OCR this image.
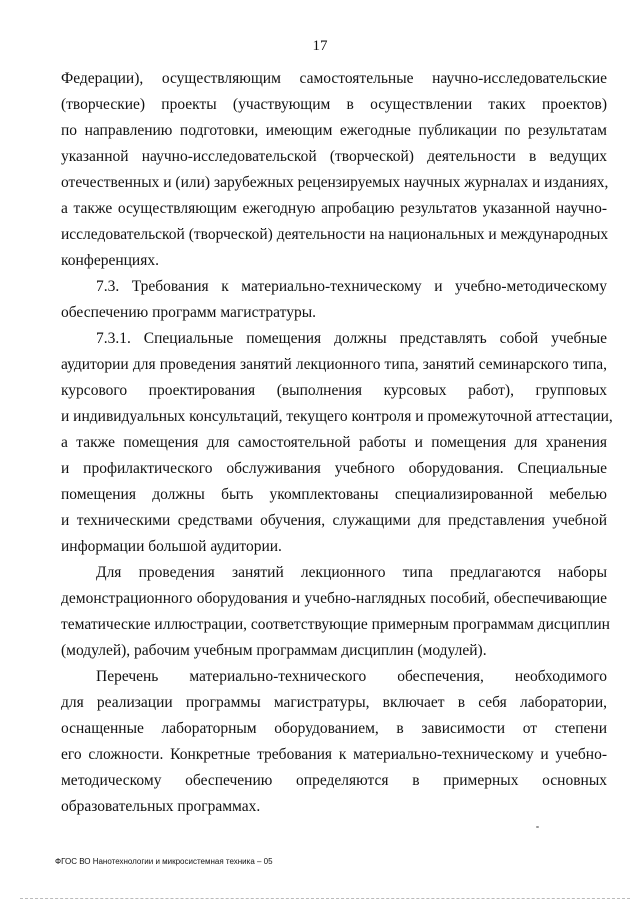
17
Федерации), осуществляющим самостоятельные научно-исследовательские
(творческие) проекты (участвующим в осуществлении таких проектов)
по направлению подготовки, имеющим ежегодные публикации по результатам
указанной научно-исследовательской (творческой) деятельности в ведущих
отечественных и (или) зарубежных рецензируемых научных журналах и изданиях,
а также осуществляющим ежегодную апробацию результатов указанной научно-
исследовательской (творческой) деятельности на национальных и международных
конференциях.
7.3. Требования к материально-техническому и учебно-методическому
обеспечению программ магистратуры.
7.3.1. Специальные помещения должны представлять собой учебные
аудитории для проведения занятий лекционного типа, занятий семинарского типа,
курсового проектирования (выполнения курсовых работ), групповых
и индивидуальных консультаций, текущего контроля и промежуточной аттестации,
а также помещения для самостоятельной работы и помещения для хранения
и профилактического обслуживания учебного оборудования. Специальные
помещения должны быть укомплектованы специализированной мебелью
и техническими средствами обучения, служащими для представления учебной
информации большой аудитории.
Для проведения занятий лекционного типа предлагаются наборы
демонстрационного оборудования и учебно-наглядных пособий, обеспечивающие
тематические иллюстрации, соответствующие примерным программам дисциплин
(модулей), рабочим учебным программам дисциплин (модулей).
Перечень материально-технического обеспечения, необходимого
для реализации программы магистратуры, включает в себя лаборатории,
оснащенные лабораторным оборудованием, в зависимости от степени
его сложности. Конкретные требования к материально-техническому и учебно-
методическому обеспечению определяются в примерных основных
образовательных программах.
ФГОС ВО Нанотехнологии и микросистемная техника – 05
